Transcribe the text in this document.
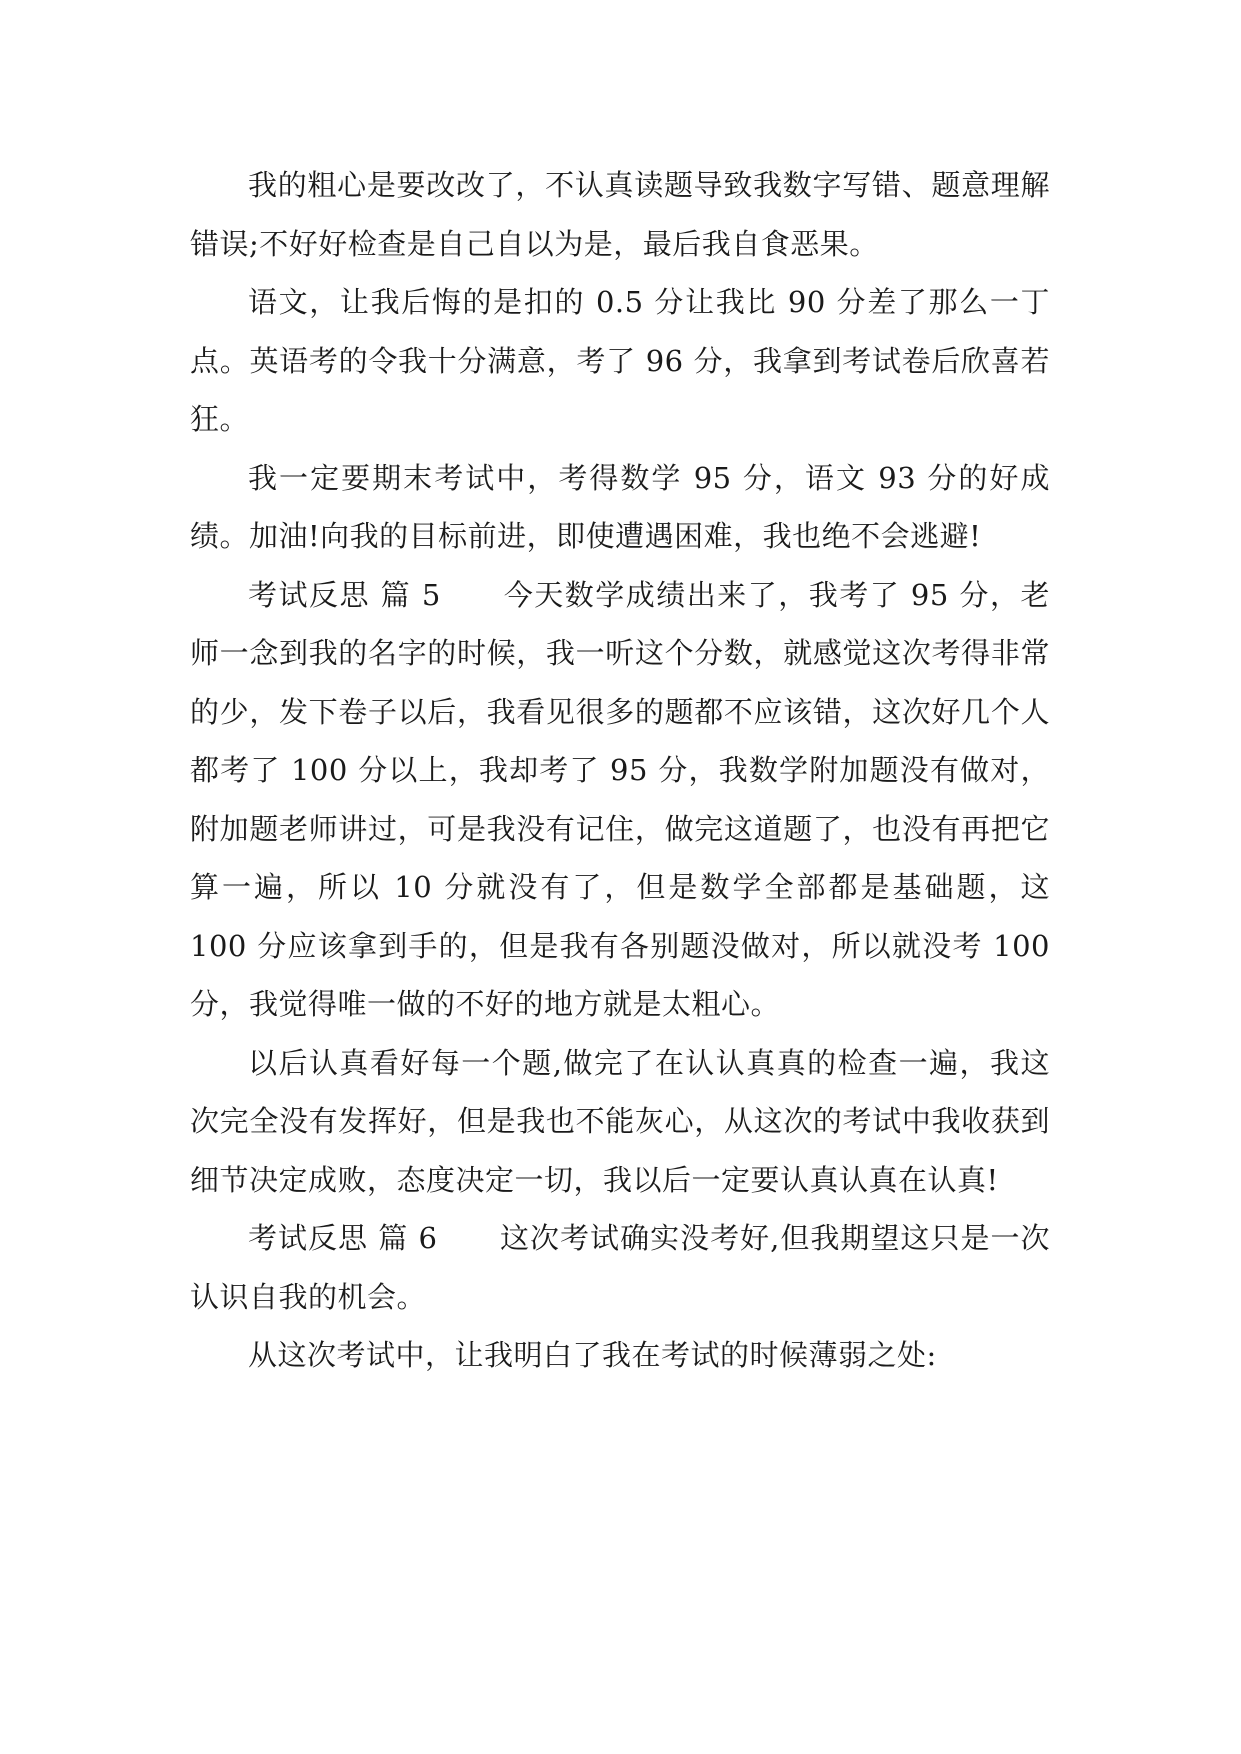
我的粗心是要改改了，不认真读题导致我数字写错、题意理解错误;不好好检查是自己自以为是，最后我自食恶果。

语文，让我后悔的是扣的 0.5 分让我比 90 分差了那么一丁点。英语考的令我十分满意，考了 96 分，我拿到考试卷后欣喜若狂。

我一定要期末考试中，考得数学 95 分，语文 93 分的好成绩。加油!向我的目标前进，即使遭遇困难，我也绝不会逃避!

考试反思 篇 5 今天数学成绩出来了，我考了 95 分，老师一念到我的名字的时候，我一听这个分数，就感觉这次考得非常的少，发下卷子以后，我看见很多的题都不应该错，这次好几个人都考了 100 分以上，我却考了 95 分，我数学附加题没有做对，附加题老师讲过，可是我没有记住，做完这道题了，也没有再把它算一遍，所以 10 分就没有了，但是数学全部都是基础题，这 100 分应该拿到手的，但是我有各别题没做对，所以就没考 100 分，我觉得唯一做的不好的地方就是太粗心。

以后认真看好每一个题,做完了在认认真真的检查一遍，我这次完全没有发挥好，但是我也不能灰心，从这次的考试中我收获到细节决定成败，态度决定一切，我以后一定要认真认真在认真!

考试反思 篇 6 这次考试确实没考好,但我期望这只是一次认识自我的机会。

从这次考试中，让我明白了我在考试的时候薄弱之处:
